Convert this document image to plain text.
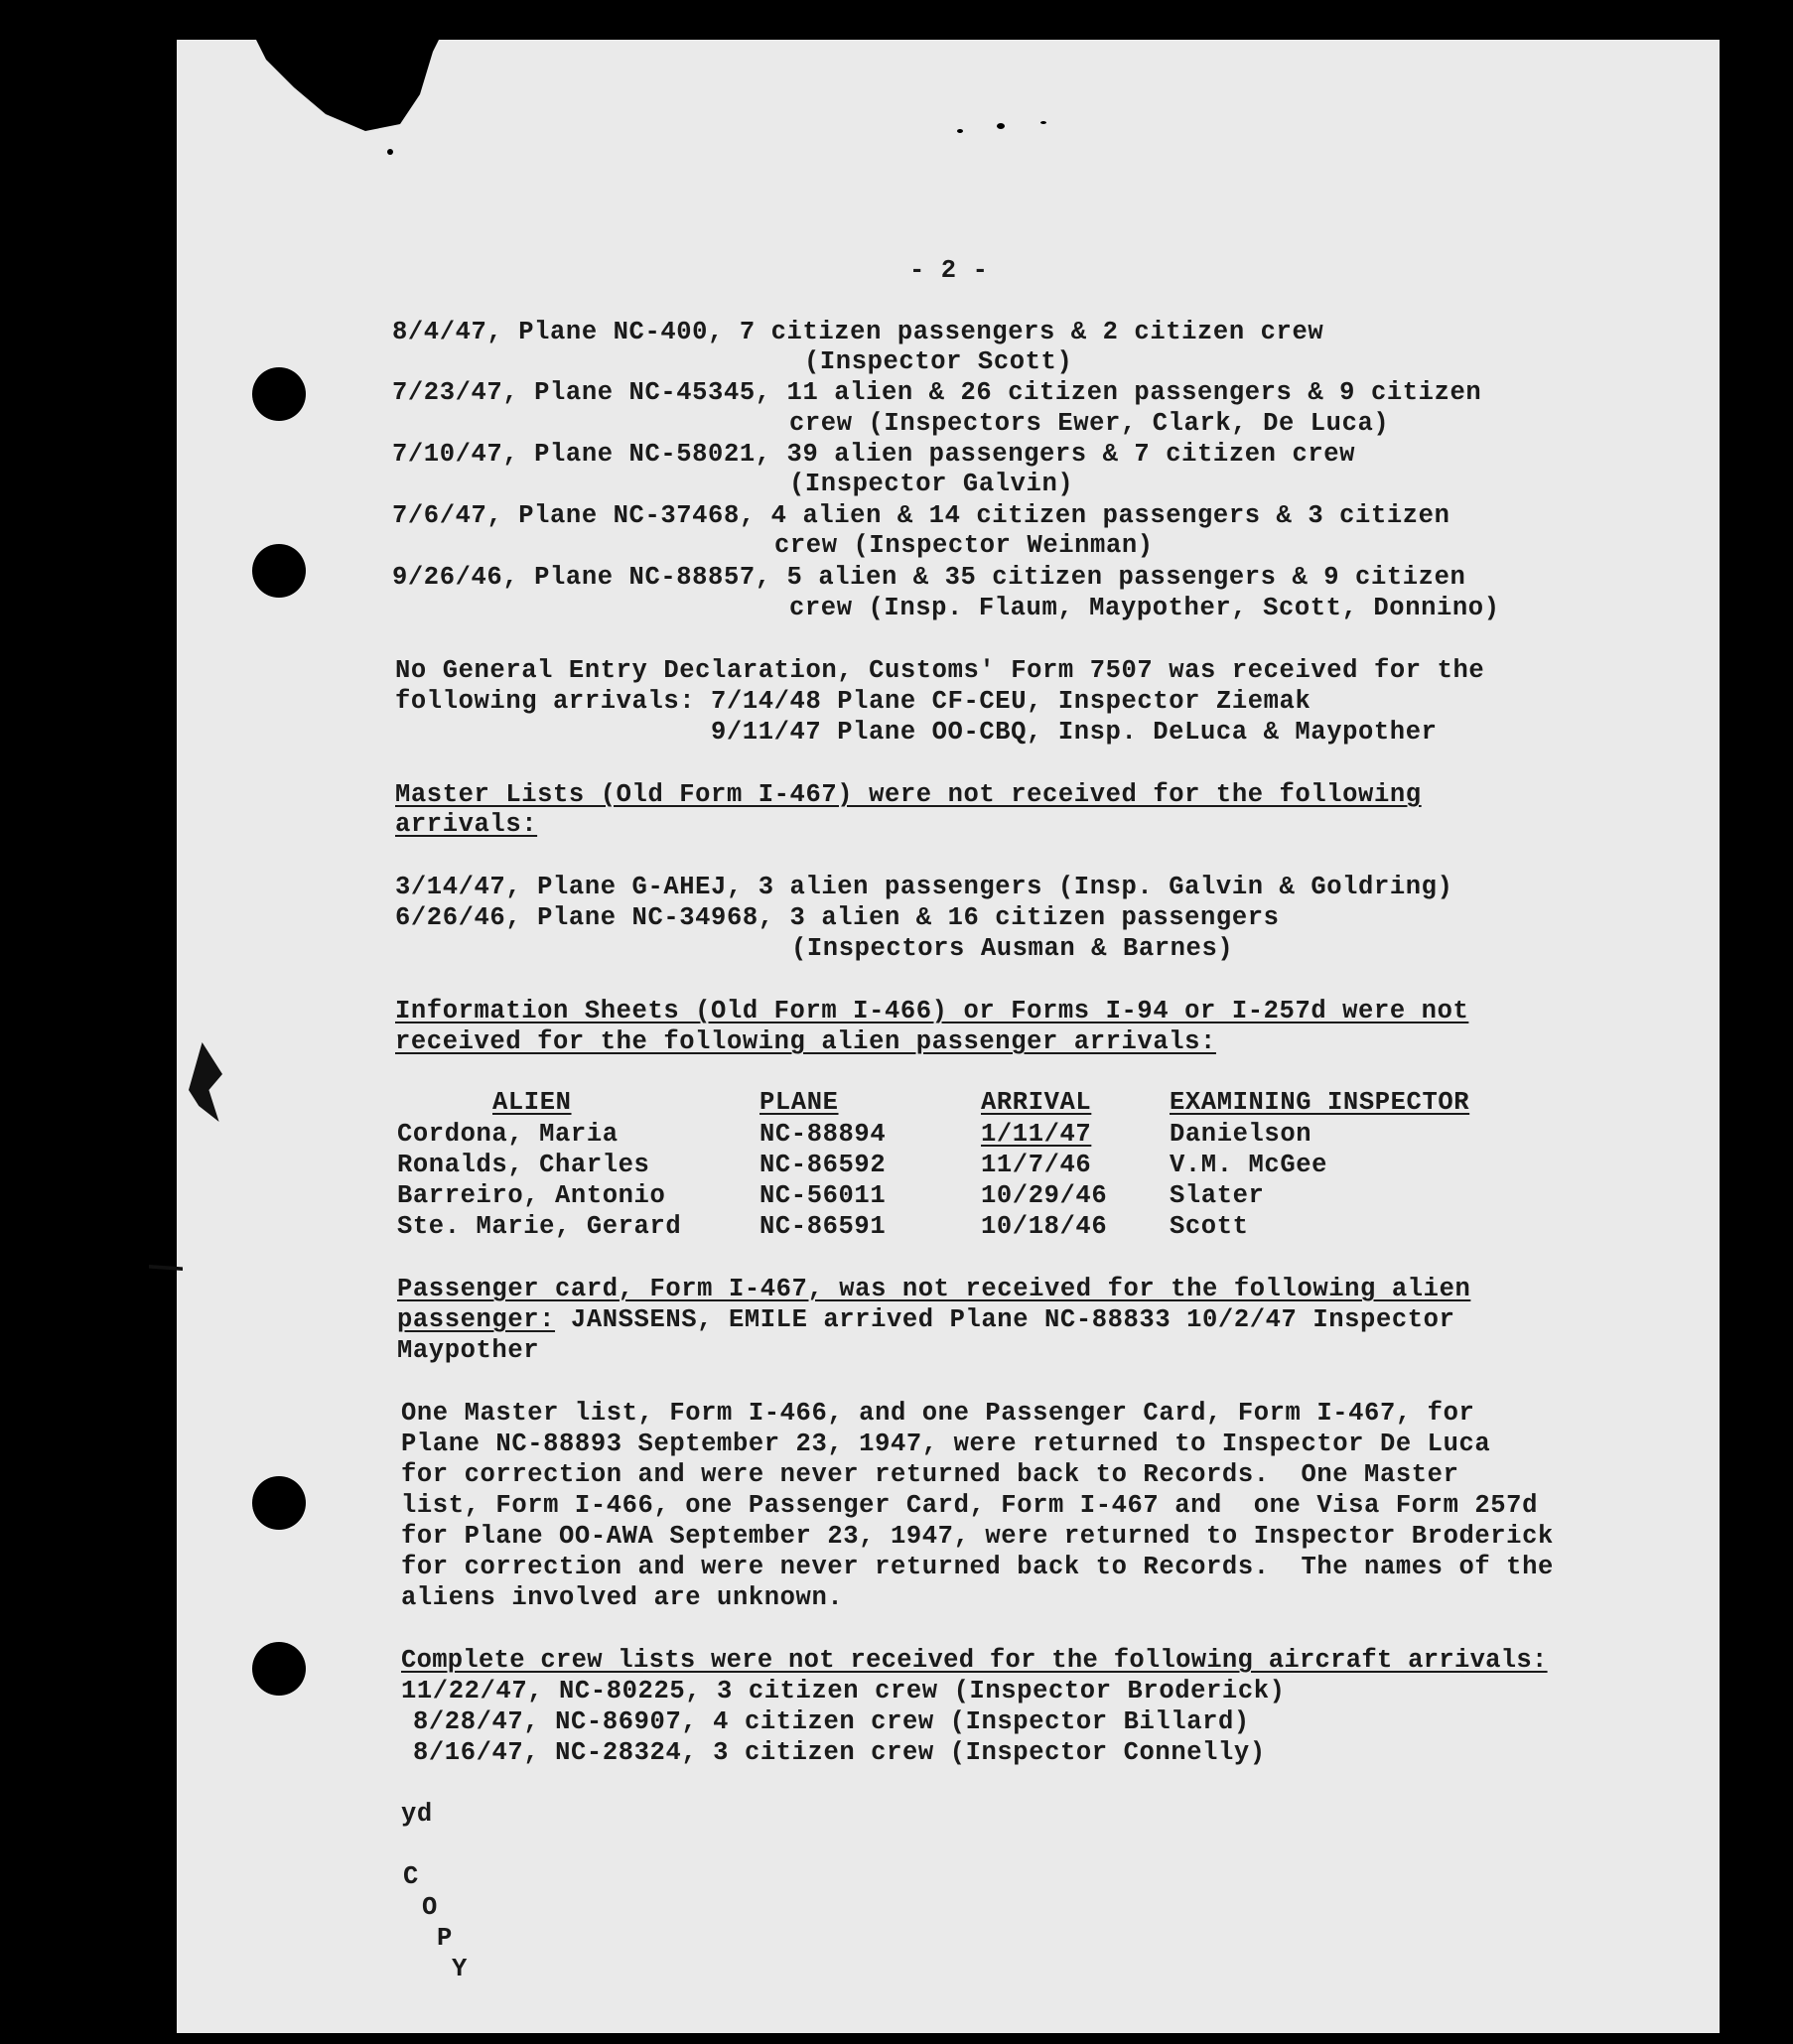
- 2 -
8/4/47, Plane NC-400, 7 citizen passengers & 2 citizen crew
(Inspector Scott)
7/23/47, Plane NC-45345, 11 alien & 26 citizen passengers & 9 citizen
crew (Inspectors Ewer, Clark, De Luca)
7/10/47, Plane NC-58021, 39 alien passengers & 7 citizen crew
(Inspector Galvin)
7/6/47, Plane NC-37468, 4 alien & 14 citizen passengers & 3 citizen
crew (Inspector Weinman)
9/26/46, Plane NC-88857, 5 alien & 35 citizen passengers & 9 citizen
crew (Insp. Flaum, Maypother, Scott, Donnino)
No General Entry Declaration, Customs' Form 7507 was received for the
following arrivals: 7/14/48 Plane CF-CEU, Inspector Ziemak
9/11/47 Plane OO-CBQ, Insp. DeLuca & Maypother
Master Lists (Old Form I-467) were not received for the following
arrivals:
3/14/47, Plane G-AHEJ, 3 alien passengers (Insp. Galvin & Goldring)
6/26/46, Plane NC-34968, 3 alien & 16 citizen passengers
(Inspectors Ausman & Barnes)
Information Sheets (Old Form I-466) or Forms I-94 or I-257d were not
received for the following alien passenger arrivals:
ALIEN	PLANE	ARRIVAL	EXAMINING INSPECTOR
Cordona, Maria	NC-88894	1/11/47	Danielson
Ronalds, Charles	NC-86592	11/7/46	V.M. McGee
Barreiro, Antonio	NC-56011	10/29/46 Slater
Ste. Marie, Gerard	NC-86591	10/18/46 Scott
Passenger card, Form I-467, was not received for the following alien
passenger: JANSSENS, EMILE arrived Plane NC-88833 10/2/47 Inspector
Maypother
One Master list, Form I-466, and one Passenger Card, Form I-467, for
Plane NC-88893 September 23, 1947, were returned to Inspector De Luca
for correction and were never returned back to Records.  One Master
list, Form I-466, one Passenger Card, Form I-467 and  one Visa Form 257d
for Plane OO-AWA September 23, 1947, were returned to Inspector Broderick
for correction and were never returned back to Records.  The names of the
aliens involved are unknown.
Complete crew lists were not received for the following aircraft arrivals:
11/22/47, NC-80225, 3 citizen crew (Inspector Broderick)
8/28/47, NC-86907, 4 citizen crew (Inspector Billard)
8/16/47, NC-28324, 3 citizen crew (Inspector Connelly)
yd
C
O
P
Y
